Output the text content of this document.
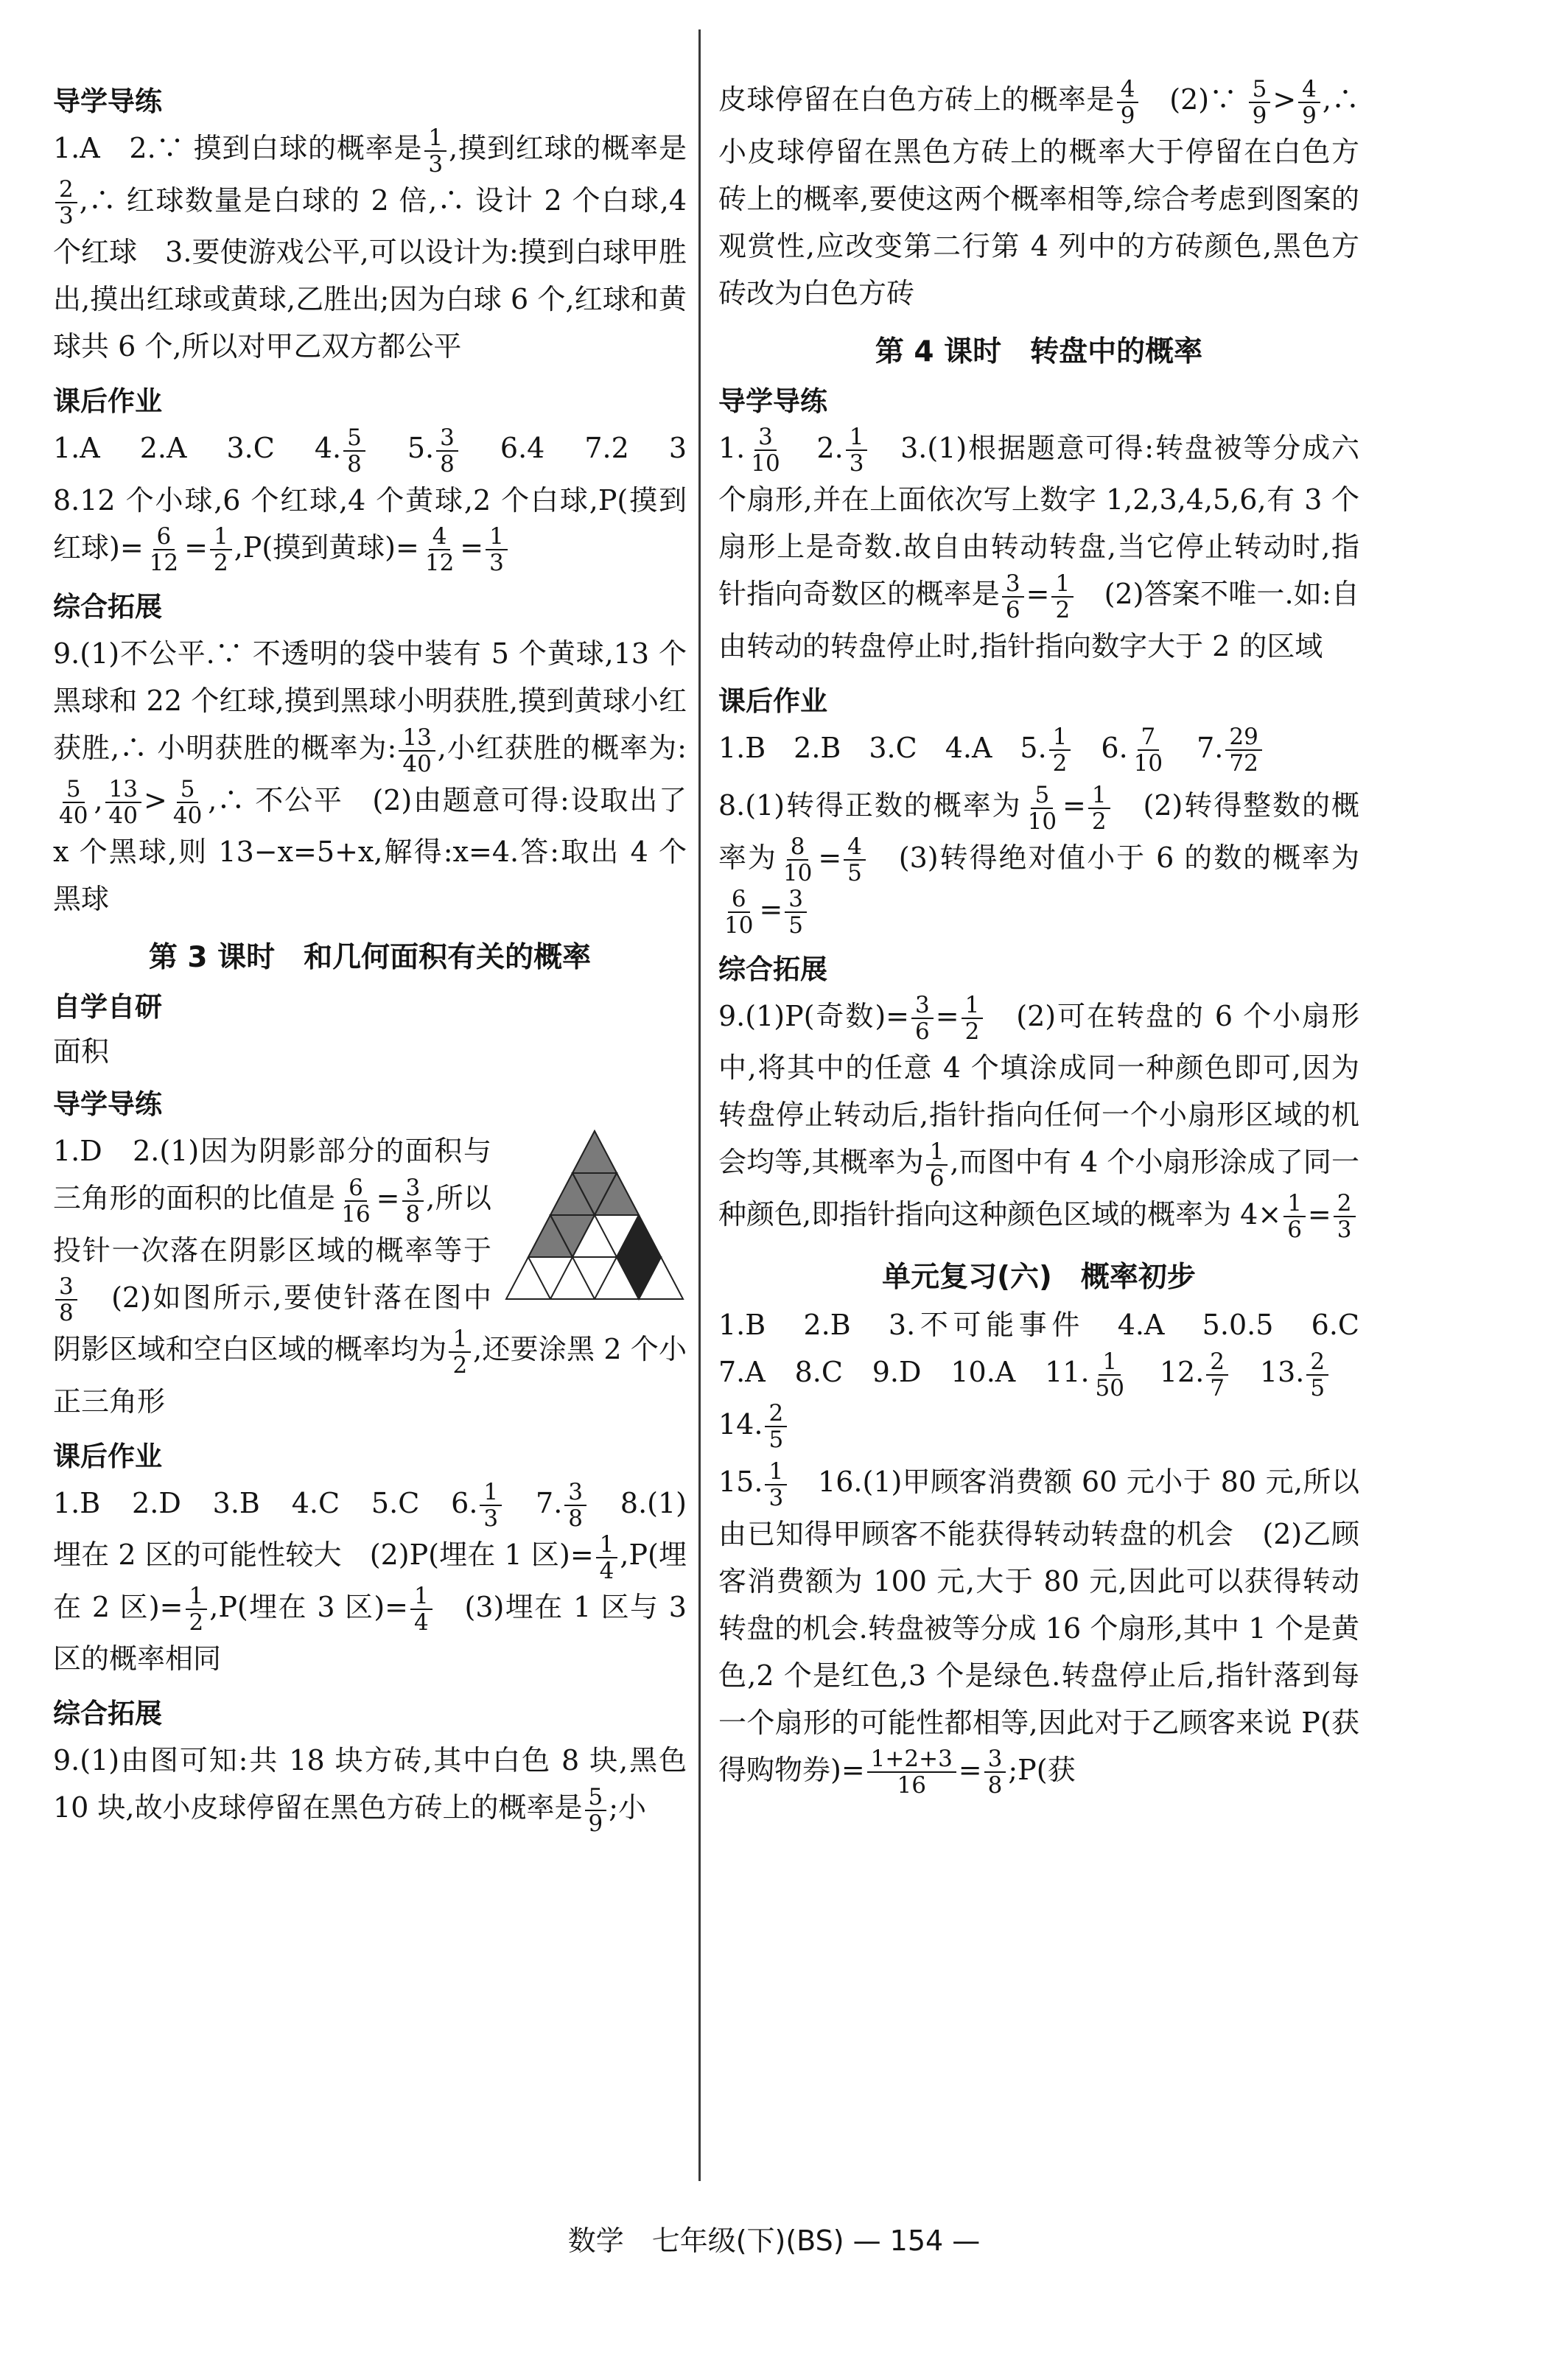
导学导练
1.A　2.∵ 摸到白球的概率是 $\frac{1}{3}$ ,摸到红球的概率是
$\frac{2}{3}$ ,∴ 红球数量是白球的 2 倍,∴ 设计 2 个白球,4 个红球　3.要使游戏公平,可以设计为:摸到白球甲胜出,摸出红球或黄球,乙胜出;因为白球 6 个,红球和黄球共 6 个,所以对甲乙双方都公平
课后作业
1.A　2.A　3.C　4. $\frac{5}{8}$ 　5. $\frac{3}{8}$ 　6.4　7.2　3　8.12 个小球,6 个红球,4 个黄球,2 个白球,P(摸到红球)= $\frac{6}{12} = \frac{1}{2} ,P$(摸到黄球)= $\frac{4}{12} = \frac{1}{3}$
综合拓展
9.(1)不公平.∵ 不透明的袋中装有 5 个黄球,13 个黑球和 22 个红球,摸到黑球小明获胜,摸到黄球小红获胜,∴ 小明获胜的概率为: $\frac{13}{40}$ ,小红获胜的概率为:
$\frac{5}{40}$ , $\frac{13}{40} > \frac{5}{40}$ ,∴ 不公平　(2)由题意可得:设取出了 x 个黑球,则 13−x=5+x,解得:x=4.答:取出 4 个黑球
第 3 课时　和几何面积有关的概率
自学自研
面积
导学导练
1.D　2.(1)因为阴影部分的面积与三角形的面积的比值是 $\frac{6}{16} = \frac{3}{8}$ ,所以投针一次落在阴影区域的概率等于
$\frac{3}{8}$ 　(2)如图所示,要使针落在图中阴影区域和空白区域的概率均为 $\frac{1}{2}$ ,还要涂黑 2 个小正三角形
课后作业
1.B　2.D　3.B　4.C　5.C　6. $\frac{1}{3}$ 　7. $\frac{3}{8}$ 　8.(1)埋在 2 区的可能性较大　(2)P(埋在 1 区)= $\frac{1}{4} ,P$(埋在 2 区)= $\frac{1}{2} ,P$(埋在 3 区)= $\frac{1}{4}$ 　(3)埋在 1 区与 3 区的概率相同
综合拓展
9.(1)由图可知:共 18 块方砖,其中白色 8 块,黑色 10 块,故小皮球停留在黑色方砖上的概率是 $\frac{5}{9}$ ;小
皮球停留在白色方砖上的概率是 $\frac{4}{9}$ 　(2)∵ $\frac{5}{9} > \frac{4}{9}$ ,∴ 小皮球停留在黑色方砖上的概率大于停留在白色方砖上的概率,要使这两个概率相等,综合考虑到图案的观赏性,应改变第二行第 4 列中的方砖颜色,黑色方砖改为白色方砖
第 4 课时　转盘中的概率
导学导练
1. $\frac{3}{10}$ 　2. $\frac{1}{3}$ 　3.(1)根据题意可得:转盘被等分成六个扇形,并在上面依次写上数字 1,2,3,4,5,6,有 3 个扇形上是奇数.故自由转动转盘,当它停止转动时,指针指向奇数区的概率是 $\frac{3}{6} = \frac{1}{2}$ 　(2)答案不唯一.如:自由转动的转盘停止时,指针指向数字大于 2 的区域
课后作业
1.B　2.B　3.C　4.A　5. $\frac{1}{2}$ 　6. $\frac{7}{10}$ 　7. $\frac{29}{72}$
8.(1)转得正数的概率为 $\frac{5}{10} = \frac{1}{2}$ 　(2)转得整数的概率为 $\frac{8}{10} = \frac{4}{5}$ 　(3)转得绝对值小于 6 的数的概率为
$\frac{6}{10} = \frac{3}{5}$
综合拓展
9.(1)P(奇数)= $\frac{3}{6} = \frac{1}{2}$ 　(2)可在转盘的 6 个小扇形中,将其中的任意 4 个填涂成同一种颜色即可,因为转盘停止转动后,指针指向任何一个小扇形区域的机会均等,其概率为 $\frac{1}{6}$ ,而图中有 4 个小扇形涂成了同一种颜色,即指针指向这种颜色区域的概率为 $4\times \frac{1}{6} = \frac{2}{3}$
单元复习(六)　概率初步
1.B　2.B　3.不可能事件　4.A　5.0.5　6.C　7.A　8.C　9.D　10.A　11. $\frac{1}{50}$ 　12. $\frac{2}{7}$ 　13. $\frac{2}{5}$ 　14. $\frac{2}{5}$
15. $\frac{1}{3}$ 　16.(1)甲顾客消费额 60 元小于 80 元,所以由已知得甲顾客不能获得转动转盘的机会　(2)乙顾客消费额为 100 元,大于 80 元,因此可以获得转动转盘的机会.转盘被等分成 16 个扇形,其中 1 个是黄色,2 个是红色,3 个是绿色.转盘停止后,指针落到每一个扇形的可能性都相等,因此对于乙顾客来说 P(获得购物券)= $\frac{1+2+3}{16} = \frac{3}{8}$ ;P(获
数学　七年级(下)(BS) — 154 —
